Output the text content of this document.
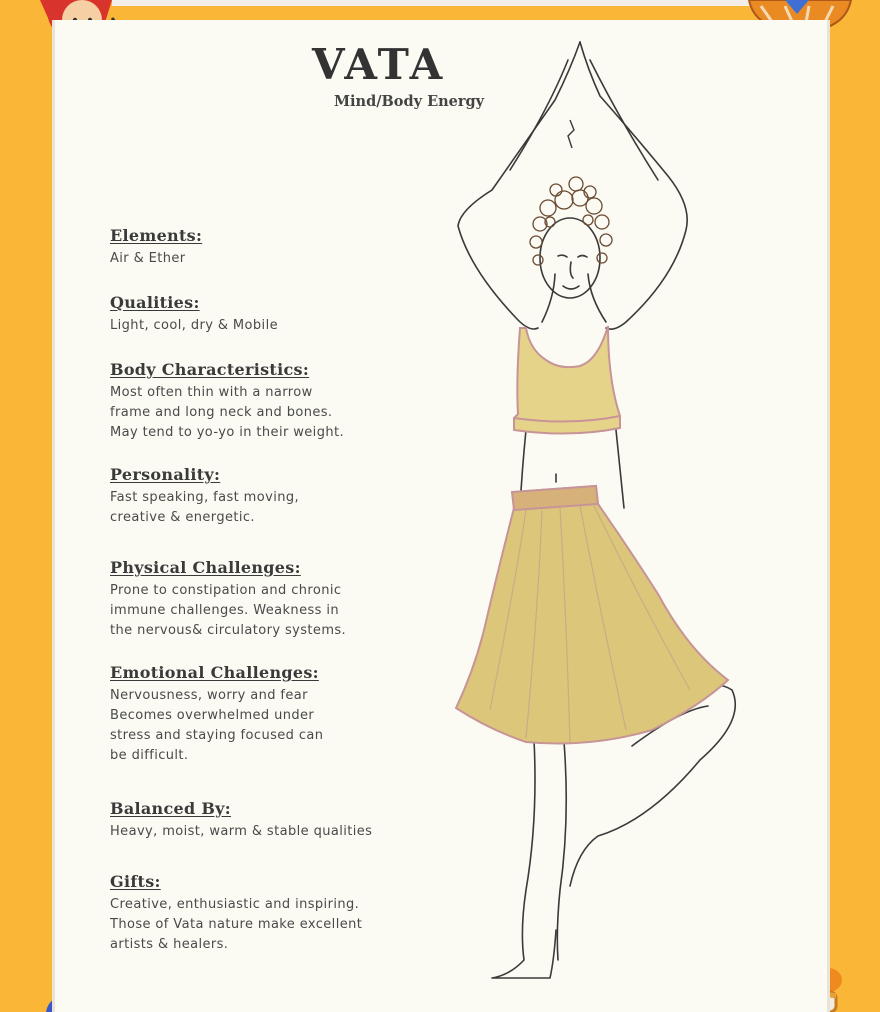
VATA
Mind/Body Energy
Elements:

Air & Ether

Qualities:

Light, cool, dry & Mobile

Body Characteristics:

Most often thin with a narrow
frame and long neck and bones.
May tend to yo-yo in their weight.

Personality:

Fast speaking, fast moving,
creative & energetic.

Physical Challenges:

Prone to constipation and chronic
immune challenges. Weakness in
the nervous& circulatory systems.

Emotional Challenges:

Nervousness, worry and fear
Becomes overwhelmed under
stress and staying focused can
be difficult.

Balanced By:

Heavy, moist, warm & stable qualities

Gifts:

Creative, enthusiastic and inspiring.
Those of Vata nature make excellent
artists & healers.
